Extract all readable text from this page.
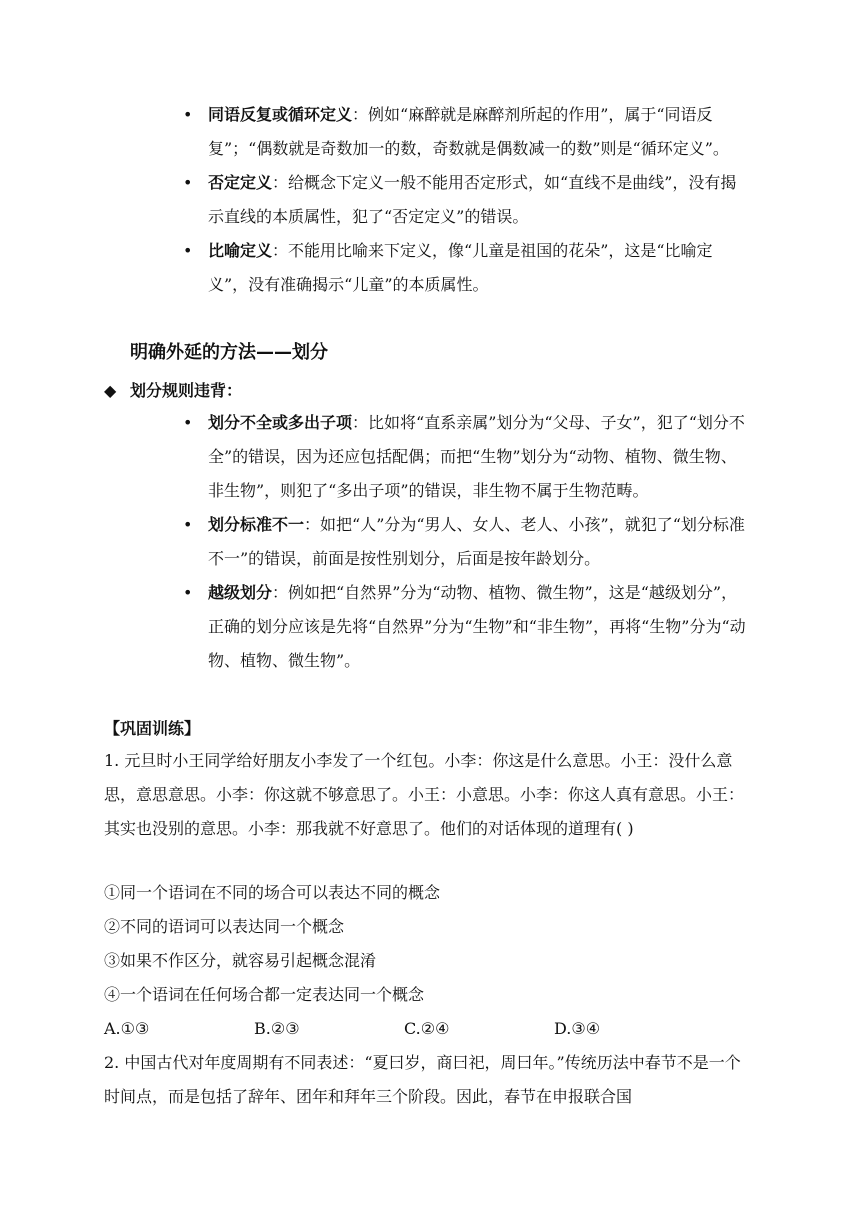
• 同语反复或循环定义：例如“麻醉就是麻醉剂所起的作用”，属于“同语反复”；“偶数就是奇数加一的数，奇数就是偶数减一的数”则是“循环定义”。

• 否定定义：给概念下定义一般不能用否定形式，如“直线不是曲线”，没有揭示直线的本质属性，犯了“否定定义”的错误。

• 比喻定义：不能用比喻来下定义，像“儿童是祖国的花朵”，这是“比喻定义”，没有准确揭示“儿童”的本质属性。

明确外延的方法——划分
◆ 划分规则违背：

• 划分不全或多出子项：比如将“直系亲属”划分为“父母、子女”，犯了“划分不全”的错误，因为还应包括配偶；而把“生物”划分为“动物、植物、微生物、非生物”，则犯了“多出子项”的错误，非生物不属于生物范畴。

• 划分标准不一：如把“人”分为“男人、女人、老人、小孩”，就犯了“划分标准不一”的错误，前面是按性别划分，后面是按年龄划分。

• 越级划分：例如把“自然界”分为“动物、植物、微生物”，这是“越级划分”，正确的划分应该是先将“自然界”分为“生物”和“非生物”，再将“生物”分为“动物、植物、微生物”。

【巩固训练】

1. 元旦时小王同学给好朋友小李发了一个红包。小李：你这是什么意思。小王：没什么意思，意思意思。小李：你这就不够意思了。小王：小意思。小李：你这人真有意思。小王：其实也没别的意思。小李：那我就不好意思了。他们的对话体现的道理有( )

①同一个语词在不同的场合可以表达不同的概念
②不同的语词可以表达同一个概念
③如果不作区分，就容易引起概念混淆
④一个语词在任何场合都一定表达同一个概念
A.①③	B.②③	C.②④	D.③④

2. 中国古代对年度周期有不同表述：“夏曰岁，商曰祀，周曰年。”传统历法中春节不是一个时间点，而是包括了辞年、团年和拜年三个阶段。因此，春节在申报联合国
